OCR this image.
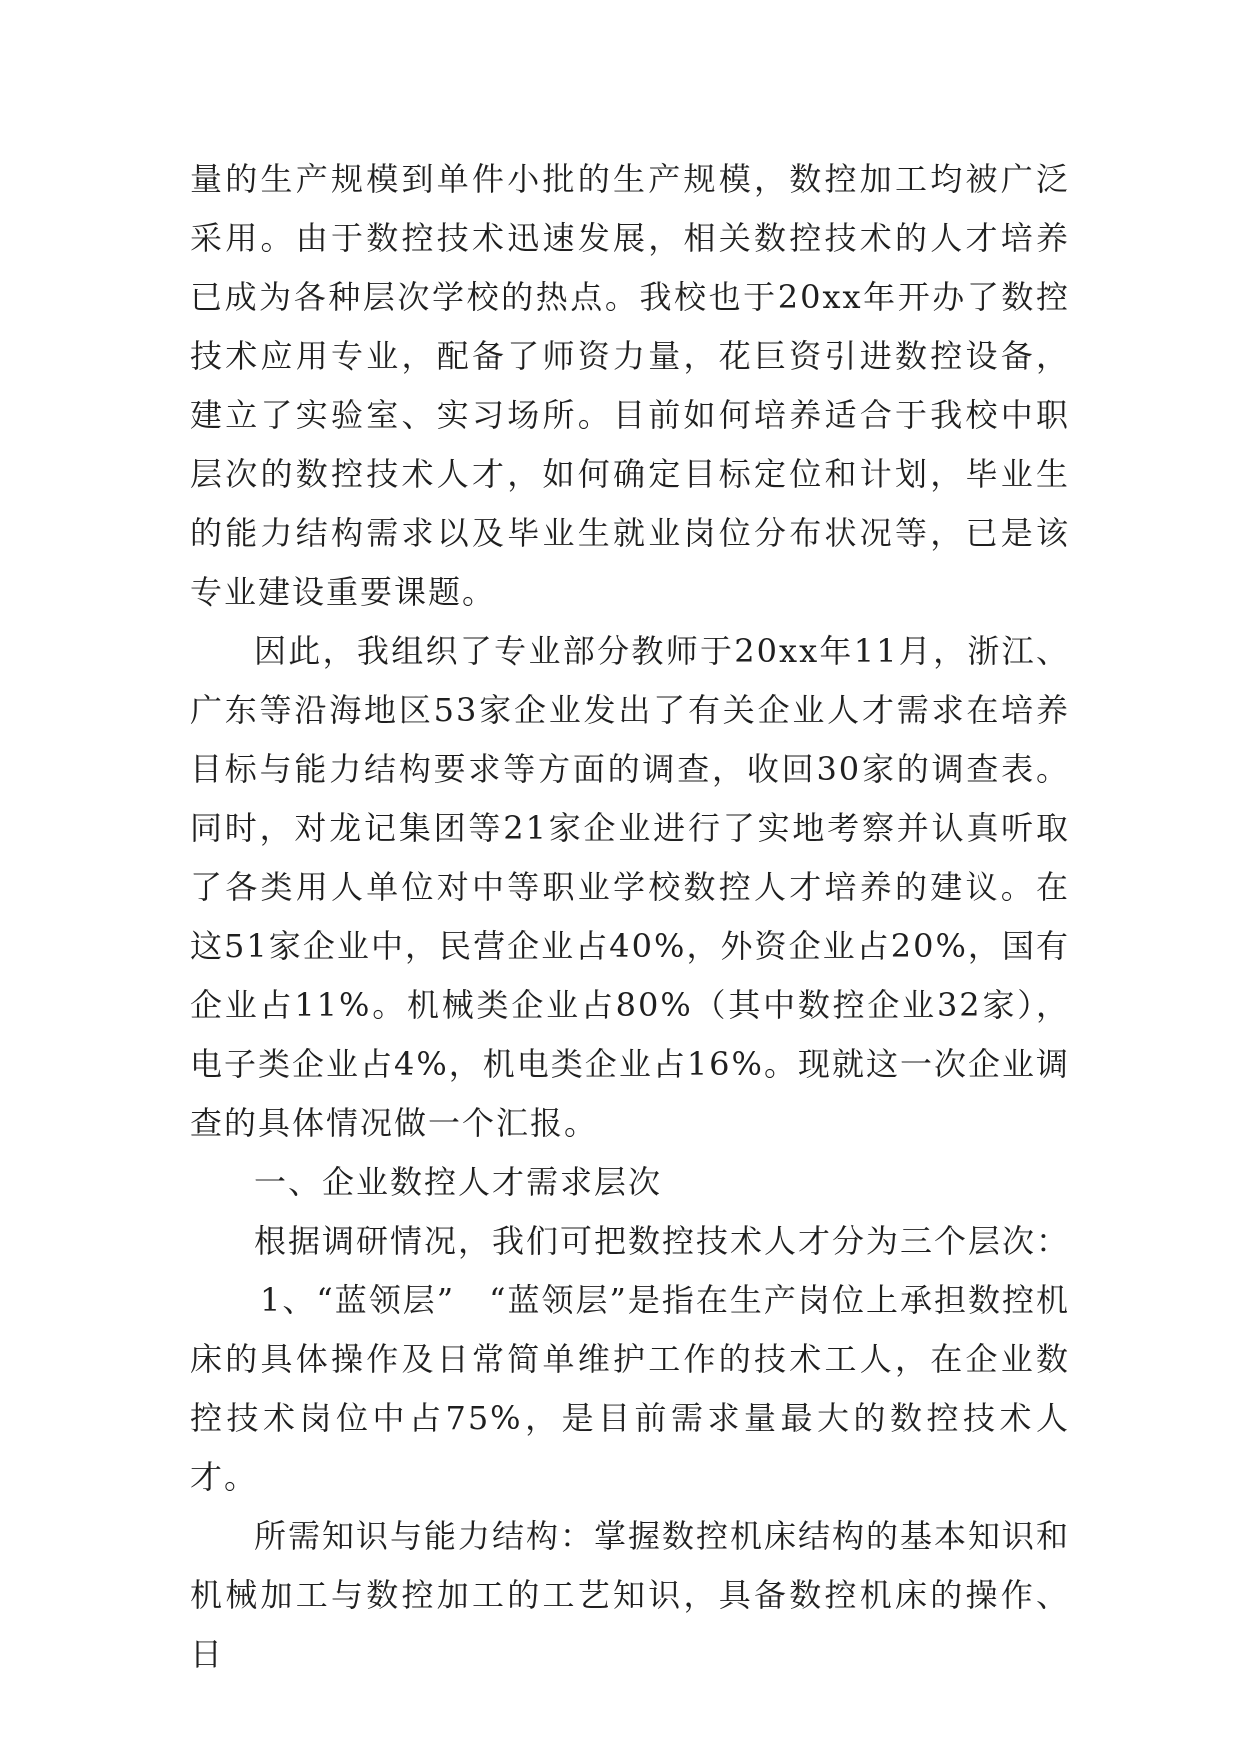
量的生产规模到单件小批的生产规模，数控加工均被广泛采用。由于数控技术迅速发展，相关数控技术的人才培养已成为各种层次学校的热点。我校也于20xx年开办了数控技术应用专业，配备了师资力量，花巨资引进数控设备，建立了实验室、实习场所。目前如何培养适合于我校中职层次的数控技术人才，如何确定目标定位和计划，毕业生的能力结构需求以及毕业生就业岗位分布状况等，已是该专业建设重要课题。

因此，我组织了专业部分教师于20xx年11月，浙江、广东等沿海地区53家企业发出了有关企业人才需求在培养目标与能力结构要求等方面的调查，收回30家的调查表。同时，对龙记集团等21家企业进行了实地考察并认真听取了各类用人单位对中等职业学校数控人才培养的建议。在这51家企业中，民营企业占40%，外资企业占20%，国有企业占11%。机械类企业占80%（其中数控企业32家），电子类企业占4%，机电类企业占16%。现就这一次企业调查的具体情况做一个汇报。

一、企业数控人才需求层次

根据调研情况，我们可把数控技术人才分为三个层次：

1、“蓝领层”　“蓝领层”是指在生产岗位上承担数控机床的具体操作及日常简单维护工作的技术工人，在企业数控技术岗位中占75%，是目前需求量最大的数控技术人才。

所需知识与能力结构：掌握数控机床结构的基本知识和机械加工与数控加工的工艺知识，具备数控机床的操作、日
